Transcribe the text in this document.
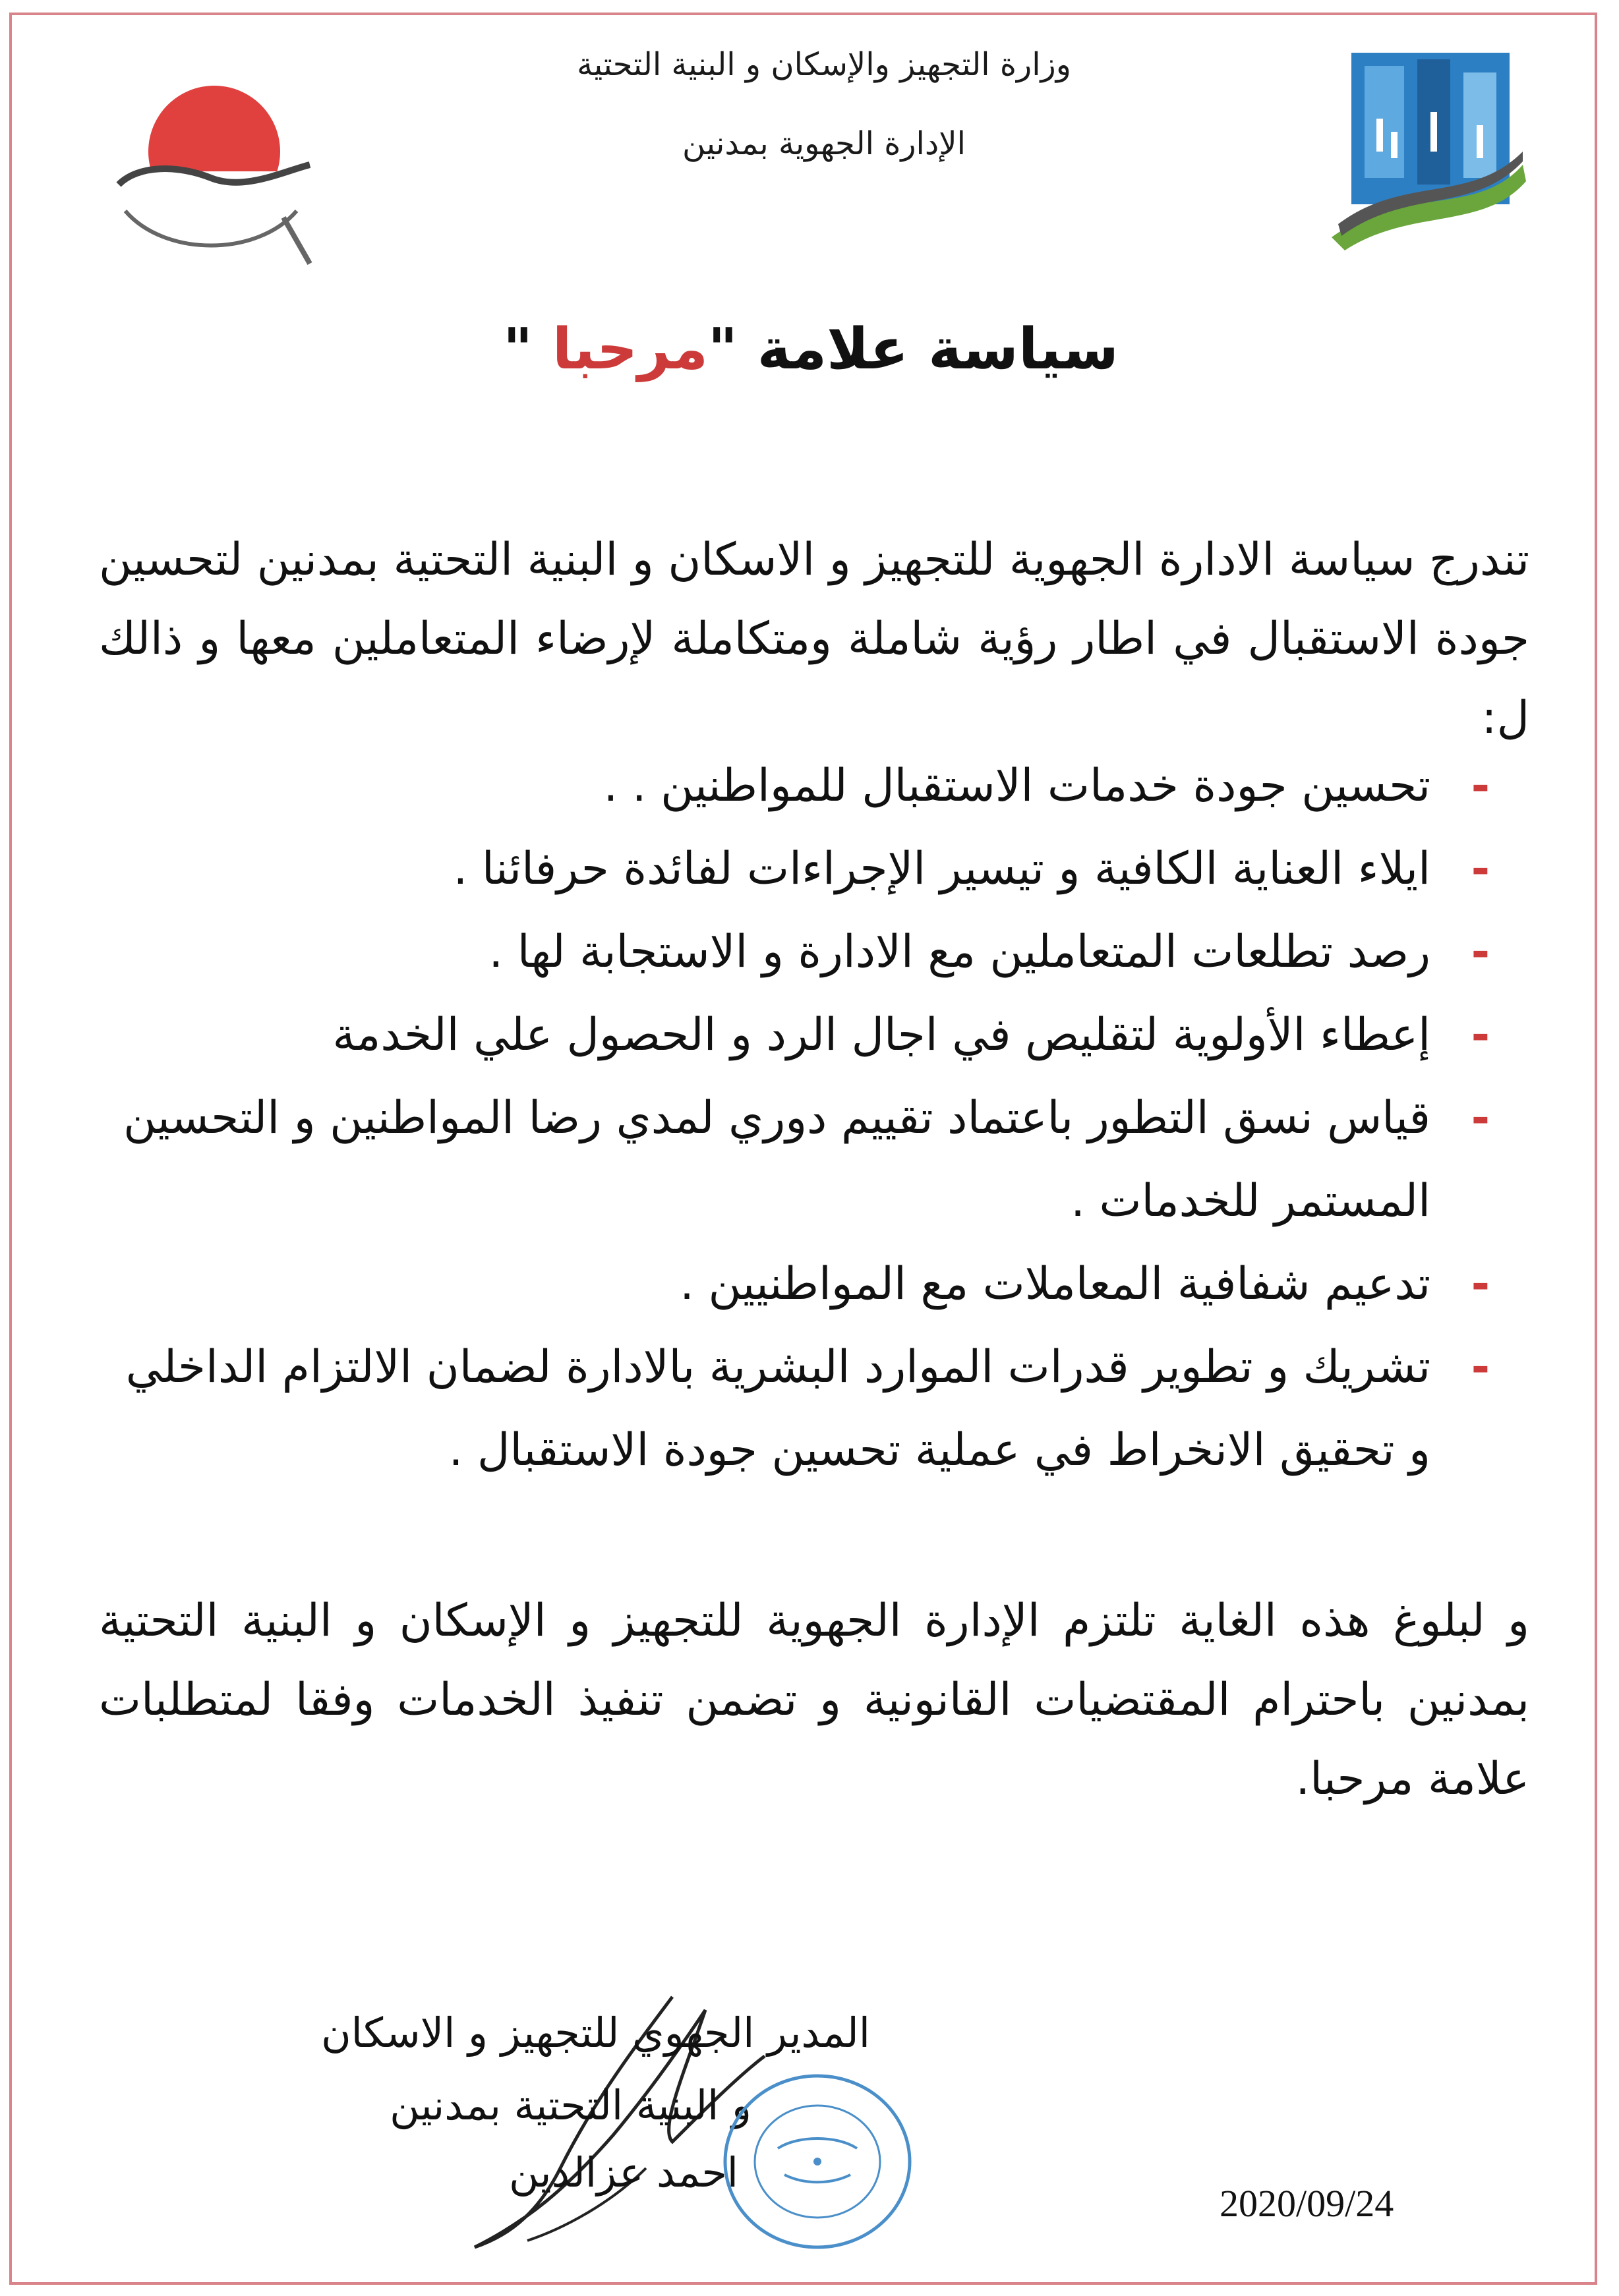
وزارة التجهيز والإسكان و البنية التحتية
الإدارة الجهوية بمدنين
سياسة علامة "مرحبا "
تندرج سياسة الادارة الجهوية للتجهيز و الاسكان و البنية التحتية بمدنين لتحسين جودة الاستقبال في اطار رؤية شاملة ومتكاملة لإرضاء المتعاملين معها و ذالك ل:
-
تحسين جودة خدمات الاستقبال للمواطنين . .
-
ايلاء العناية الكافية و تيسير الإجراءات لفائدة حرفائنا .
-
رصد تطلعات المتعاملين مع الادارة و الاستجابة لها .
-
إعطاء الأولوية لتقليص في اجال الرد و الحصول علي الخدمة
-
قياس نسق التطور باعتماد تقييم دوري لمدي رضا المواطنين و التحسين المستمر للخدمات .
-
تدعيم شفافية المعاملات مع المواطنيين .
-
تشريك و تطوير قدرات الموارد البشرية بالادارة لضمان الالتزام الداخلي و تحقيق الانخراط في عملية تحسين جودة الاستقبال .
و لبلوغ هذه الغاية تلتزم الإدارة الجهوية للتجهيز و الإسكان و البنية التحتية بمدنين باحترام المقتضيات القانونية و تضمن تنفيذ الخدمات وفقا لمتطلبات علامة مرحبا.
المدير الجهوي للتجهيز و الاسكان
و البنية التحتية بمدنين
احمد عزالدين
2020/09/24
